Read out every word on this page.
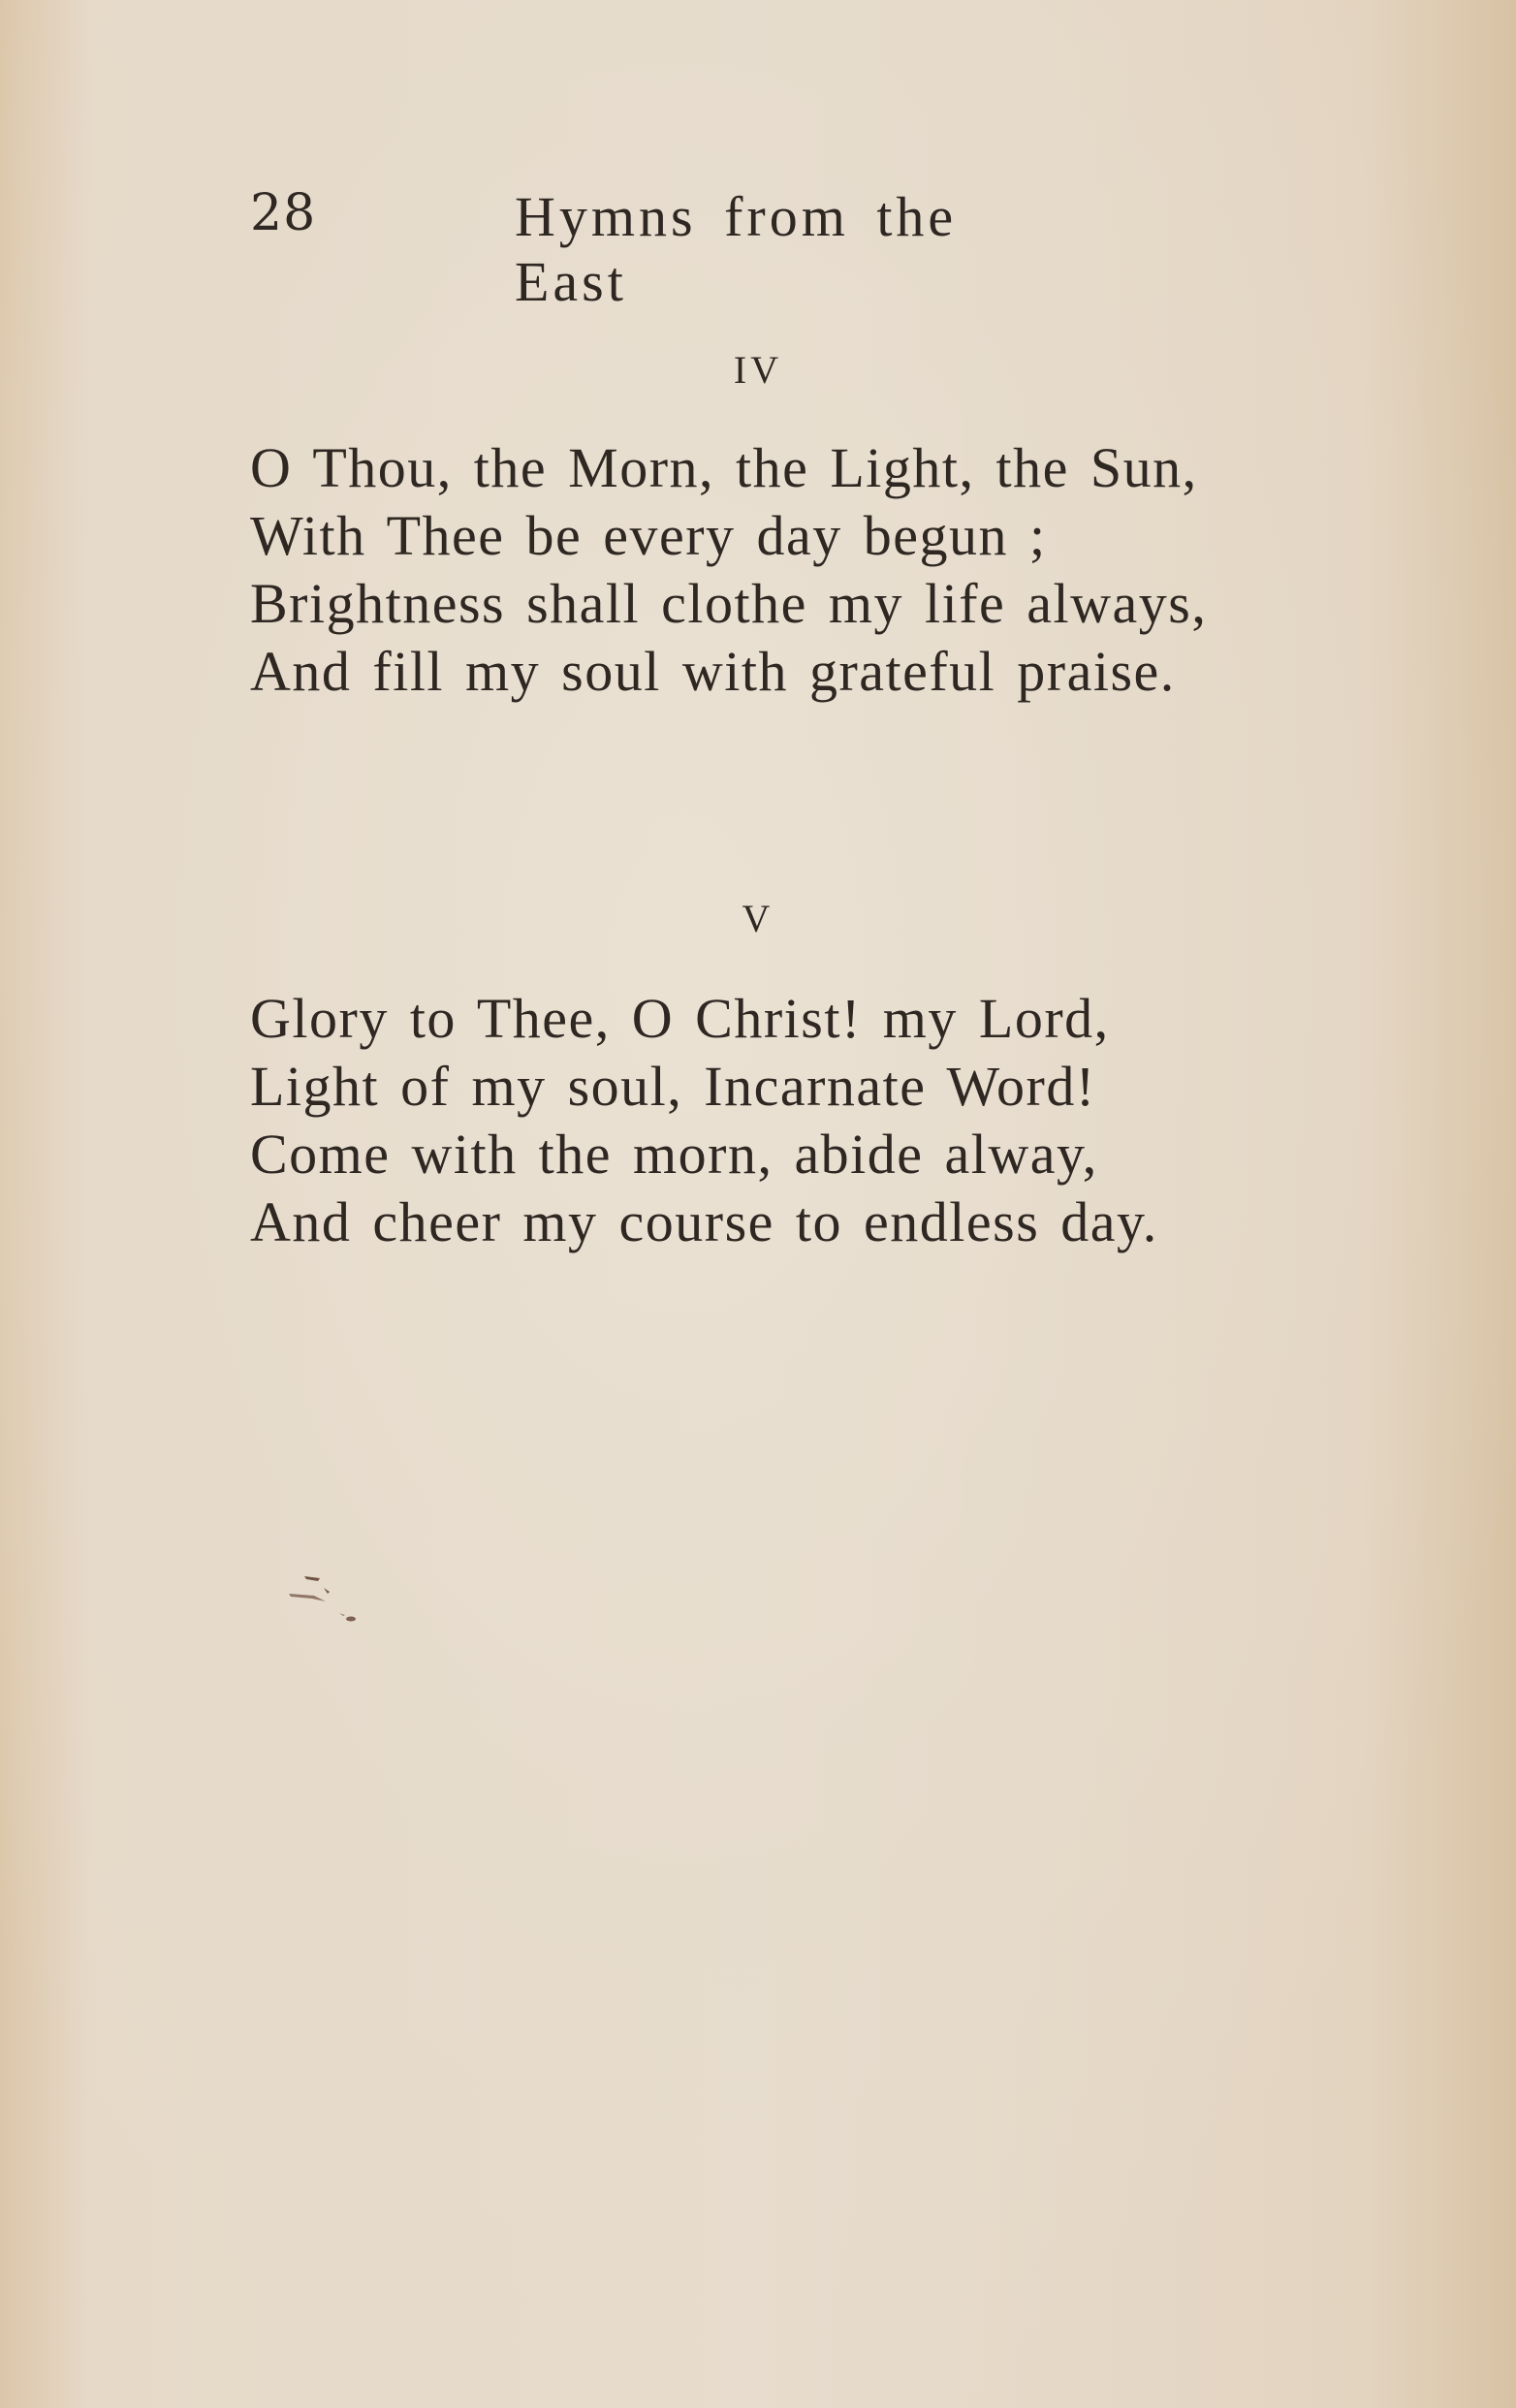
28	Hymns from the East
IV
O Thou, the Morn, the Light, the Sun,
With Thee be every day begun ;
Brightness shall clothe my life always,
And fill my soul with grateful praise.
V
Glory to Thee, O Christ! my Lord,
Light of my soul, Incarnate Word!
Come with the morn, abide alway,
And cheer my course to endless day.
